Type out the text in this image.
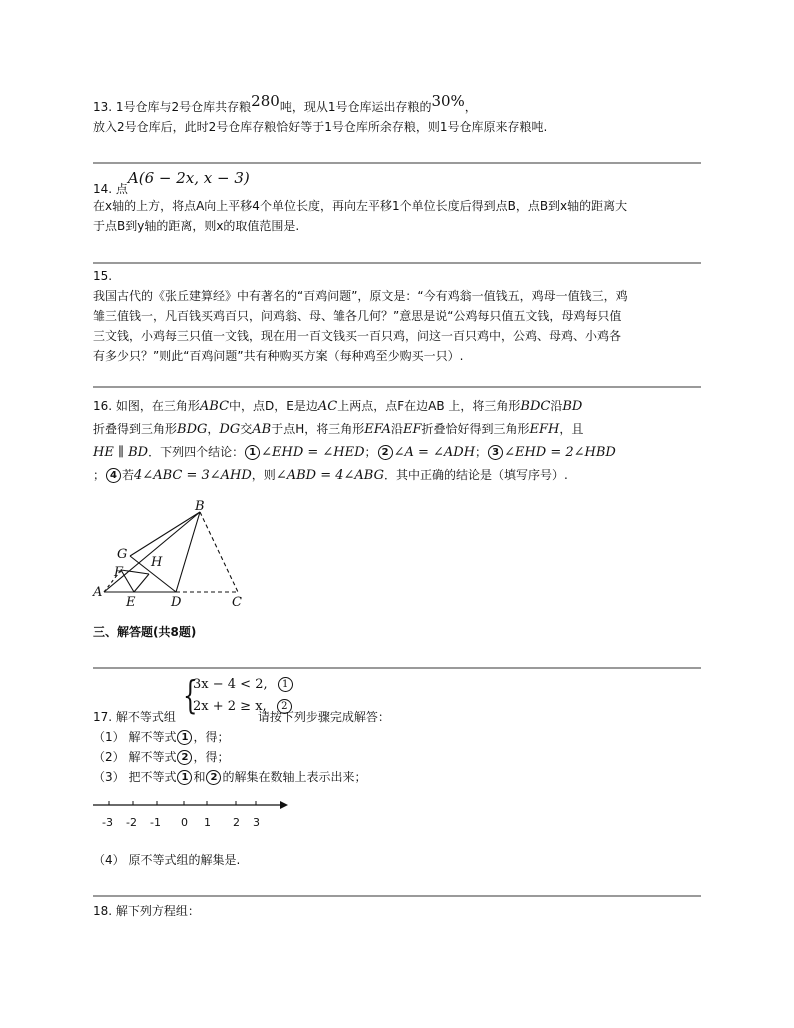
13. 1号仓库与2号仓库共存粮280吨，现从1号仓库运出存粮的30%，
放入2号仓库后，此时2号仓库存粮恰好等于1号仓库所余存粮，则1号仓库原来存粮吨.
14. 点A(6 − 2x, x − 3)
在x轴的上方，将点A向上平移4个单位长度，再向左平移1个单位长度后得到点B，点B到x轴的距离大
于点B到y轴的距离，则x的取值范围是.
15.
我国古代的《张丘建算经》中有著名的“百鸡问题”，原文是：“今有鸡翁一值钱五，鸡母一值钱三，鸡
雏三值钱一，凡百钱买鸡百只，问鸡翁、母、雏各几何？”意思是说“公鸡每只值五文钱，母鸡每只值
三文钱，小鸡每三只值一文钱，现在用一百文钱买一百只鸡，问这一百只鸡中，公鸡、母鸡、小鸡各
有多少只？”则此“百鸡问题”共有种购买方案（每种鸡至少购买一只）.
16. 如图，在三角形ABC中，点D，E是边AC上两点，点F在边AB 上，将三角形BDC沿BD
折叠得到三角形BDG，DG交AB于点H，将三角形EFA沿EF折叠恰好得到三角形EFH，且
HE ∥ BD．下列四个结论： 1 ∠EHD = ∠HED； 2 ∠A = ∠ADH； 3 ∠EHD = 2∠HBD
； 4 若4∠ABC = 3∠AHD，则∠ABD = 4∠ABG．其中正确的结论是（填写序号）.
B
G
H
F
A
E	D	C
三、解答题(共8题)
{
3x − 4 < 2, 1
2x + 2 ≥ x, 2
17. 解不等式组	请按下列步骤完成解答：
（1） 解不等式 1 ，得；
（2） 解不等式 2 ，得；
（3） 把不等式 1 和 2 的解集在数轴上表示出来；
-3 -2 -1 0 1 2 3
（4） 原不等式组的解集是.
18. 解下列方程组：
